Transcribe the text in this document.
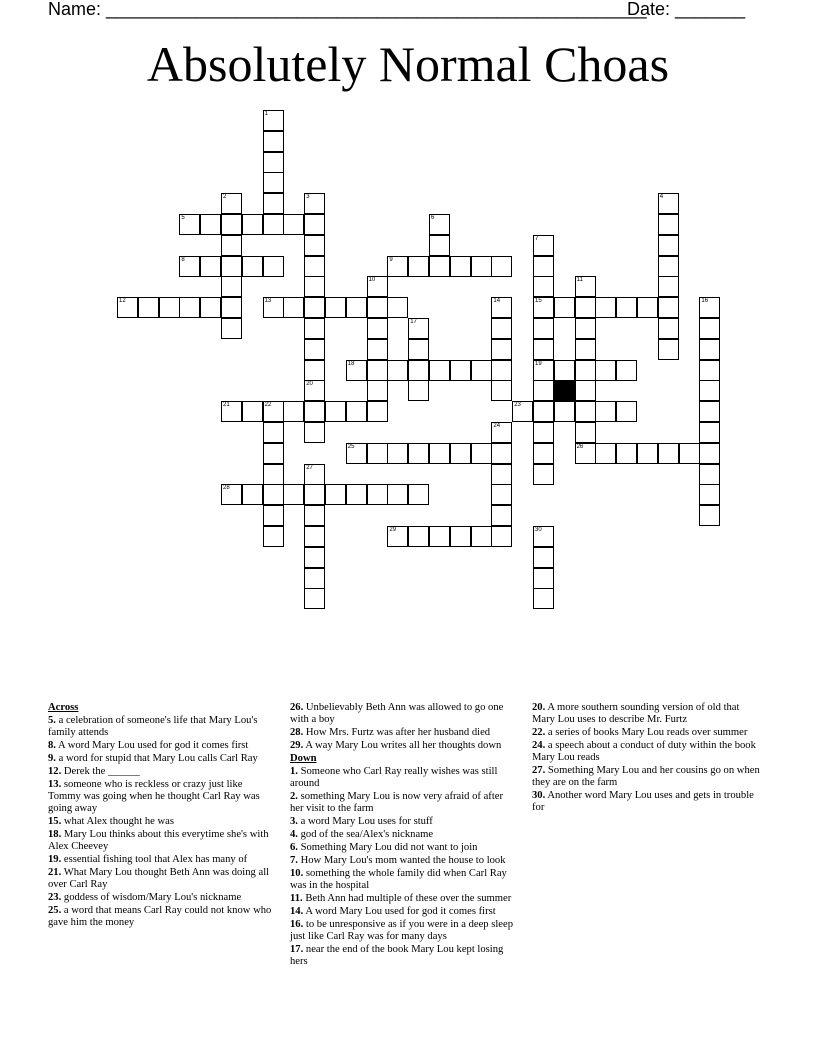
Name: ______________________________________________________
Date: _______
Absolutely Normal Choas
1
2	3
20
4
5	6
7
15
19
8	9
10	11
12	13	14	16
17
18
21	22	23
24
25	26
27
28
29	30

Across

5. a celebration of someone's life that Mary Lou's family attends

8. A word Mary Lou used for god it comes first

9. a word for stupid that Mary Lou calls Carl Ray

12. Derek the ______

13. someone who is reckless or crazy just like Tommy was going when he thought Carl Ray was going away

15. what Alex thought he was

18. Mary Lou thinks about this everytime she's with Alex Cheevey

19. essential fishing tool that Alex has many of

21. What Mary Lou thought Beth Ann was doing all over Carl Ray

23. goddess of wisdom/Mary Lou's nickname

25. a word that means Carl Ray could not know who gave him the money

26. Unbelievably Beth Ann was allowed to go one with a boy

28. How Mrs. Furtz was after her husband died

29. A way Mary Lou writes all her thoughts down

Down

1. Someone who Carl Ray really wishes was still around

2. something Mary Lou is now very afraid of after her visit to the farm

3. a word Mary Lou uses for stuff

4. god of the sea/Alex's nickname

6. Something Mary Lou did not want to join

7. How Mary Lou's mom wanted the house to look

10. something the whole family did when Carl Ray was in the hospital

11. Beth Ann had multiple of these over the summer

14. A word Mary Lou used for god it comes first

16. to be unresponsive as if you were in a deep sleep just like Carl Ray was for many days

17. near the end of the book Mary Lou kept losing hers

20. A more southern sounding version of old that Mary Lou uses to describe Mr. Furtz

22. a series of books Mary Lou reads over summer

24. a speech about a conduct of duty within the book Mary Lou reads

27. Something Mary Lou and her cousins go on when they are on the farm

30. Another word Mary Lou uses and gets in trouble for
